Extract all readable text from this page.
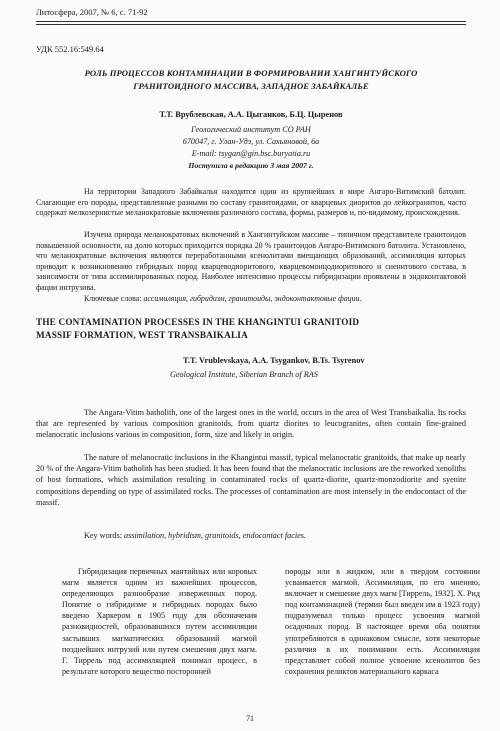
Литосфера, 2007, № 6, с. 71-92
УДК 552.16:549.64
РОЛЬ ПРОЦЕССОВ КОНТАМИНАЦИИ В ФОРМИРОВАНИИ ХАНГИНТУЙСКОГО
ГРАНИТОИДНОГО МАССИВА, ЗАПАДНОЕ ЗАБАЙКАЛЬЕ
Т.Т. Врублевская, А.А. Цыганков, Б.Ц. Цыренов
Геологический институт СО РАН
670047, г. Улан-Удэ, ул. Сахьяновой, 6а
E-mail: tsygan@gin.bsc.buryatia.ru
Поступила в редакцию 3 мая 2007 г.
На территории Западного Забайкалья находится один из крупнейших в мире Ангаро-Витимский батолит. Слагающие его породы, представленные разными по составу гранитоидами, от кварцевых диоритов до лейкогранитов, часто содержат мелкозернистые меланократовые включения различного состава, формы, размеров и, по-видимому, происхождения.
Изучена природа меланократовых включений в Хангинтуйском массиве – типичном представителе гранитоидов повышенной основности, на долю которых приходится порядка 20 % гранитоидов Ангаро-Витимского батолита. Установлено, что меланократовые включения являются переработанными ксенолитами вмещающих образований, ассимиляция которых приводит к возникновению гибридных пород кварцеводиоритового, кварцевомонцодиоритового и сиенитового состава, в зависимости от типа ассимилированных пород. Наиболее интенсивно процессы гибридизации проявлены в эндоконтактовой фации интрузива.
Ключевые слова: ассимиляция, гибридизм, гранитоиды, эндоконтактовые фации.
THE CONTAMINATION PROCESSES IN THE KHANGINTUI GRANITOID
MASSIF FORMATION, WEST TRANSBAIKALIA
T.T. Vrublevskaya, A.A. Tsygankov, B.Ts. Tsyrenov
Geological Institute, Siberian Branch of RAS
The Angara-Vitim batholith, one of the largest ones in the world, occurs in the area of West Transbaikalia. Its rocks that are represented by various composition granitoids, from quartz diorites to leucogranites, often contain fine-grained melanocratic inclusions various in composition, form, size and likely in origin.
The nature of melanocratic inclusions in the Khangintui massif, typical melanocratic granitoids, that make up nearly 20 % of the Angara-Vitim batholith has been studied. It has been found that the melanocratic inclusions are the reworked xenoliths of host formations, which assimilation resulting in contaminated rocks of quartz-diorite, quartz-monzodiorite and syenite compositions depending on type of assimilated rocks. The processes of contamination are most intensely in the endocontact of the massif.
Key words: assimilation, hybridism, granitoids, endocontact facies.
Гибридизация первичных мантийных или коровых магм является одним из важнейших процессов, определяющих разнообразие изверженных пород. Понятие о гибридизме и гибридных породах было введено Харкером в 1905 году для обозначения разновидностей, образовавшихся путем ассимиляции застывших магматических образований магмой позднейших интрузий или путем смешения двух магм. Г. Тиррель под ассимиляцией понимал процесс, в результате которого вещество посторонней
породы или в жидком, или в твердом состоянии усваивается магмой. Ассимиляция, по его мнению, включает и смешение двух магм [Тиррель, 1932]. Х. Рид под контаминацией (термин был введен им в 1923 году) подразумевал только процесс усвоения магмой осадочных пород. В настоящее время оба понятия употребляются в одинаковом смысле, хотя некоторые различия в их понимании есть. Ассимиляция представляет собой полное усвоение ксенолитов без сохранения реликтов материального каркаса
71
